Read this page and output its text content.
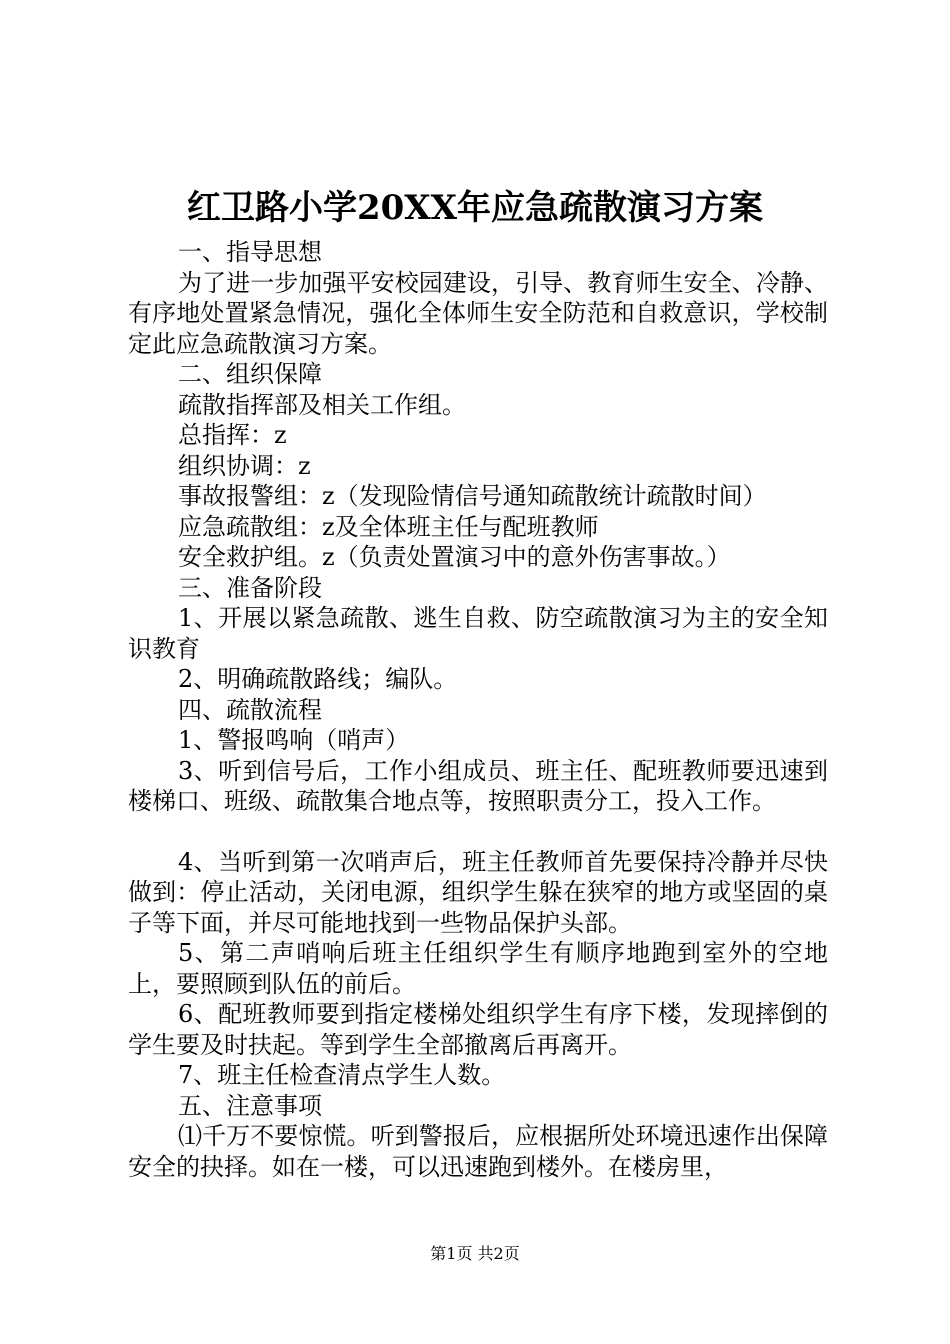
红卫路小学20XX年应急疏散演习方案

一、指导思想

为了进一步加强平安校园建设，引导、教育师生安全、冷静、有序地处置紧急情况，强化全体师生安全防范和自救意识，学校制定此应急疏散演习方案。

二、组织保障

疏散指挥部及相关工作组。

总指挥：z

组织协调：z

事故报警组：z（发现险情信号通知疏散统计疏散时间）

应急疏散组：z及全体班主任与配班教师

安全救护组。z（负责处置演习中的意外伤害事故。）

三、准备阶段

1、开展以紧急疏散、逃生自救、防空疏散演习为主的安全知识教育

2、明确疏散路线；编队。

四、疏散流程

1、警报鸣响（哨声）

3、听到信号后，工作小组成员、班主任、配班教师要迅速到楼梯口、班级、疏散集合地点等，按照职责分工，投入工作。

4、当听到第一次哨声后，班主任教师首先要保持冷静并尽快做到：停止活动，关闭电源，组织学生躲在狭窄的地方或坚固的桌子等下面，并尽可能地找到一些物品保护头部。

5、第二声哨响后班主任组织学生有顺序地跑到室外的空地上，要照顾到队伍的前后。

6、配班教师要到指定楼梯处组织学生有序下楼，发现摔倒的学生要及时扶起。等到学生全部撤离后再离开。

7、班主任检查清点学生人数。

五、注意事项

⑴千万不要惊慌。听到警报后，应根据所处环境迅速作出保障安全的抉择。如在一楼，可以迅速跑到楼外。在楼房里，

第1页 共2页
